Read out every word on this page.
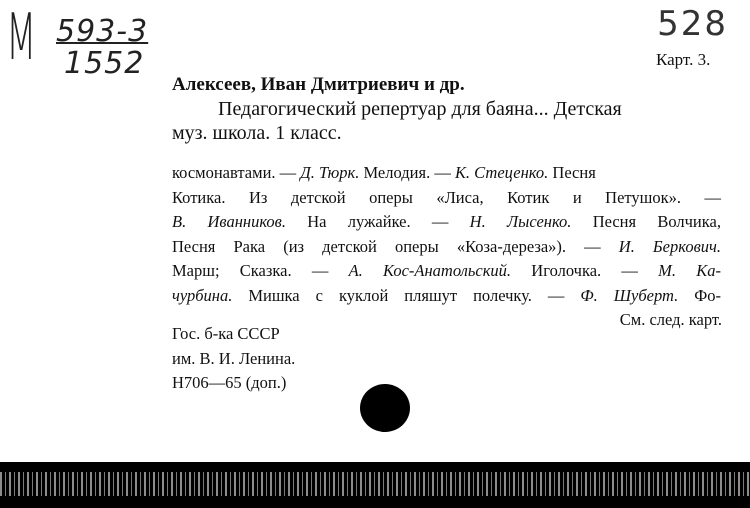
М 593-3
1552
528
Карт. 3.
Алексеев, Иван Дмитриевич и др.
Педагогический репертуар для баяна... Детская
муз. школа. 1 класс.
космонавтами. — Д. Тюрк. Мелодия. — К. Стеценко. Песня
Котика. Из детской оперы «Лиса, Котик и Петушок». —
В. Иванников. На лужайке. — Н. Лысенко. Песня Волчика,
Песня Рака (из детской оперы «Коза-дереза»). — И. Беркович.
Марш; Сказка. — А. Кос-Анатольский. Иголочка. — М. Ка-
чурбина. Мишка с куклой пляшут полечку. — Ф. Шуберт. Фо-
См. след. карт.
Гос. б-ка СССР
им. В. И. Ленина.
Н706—65 (доп.)
